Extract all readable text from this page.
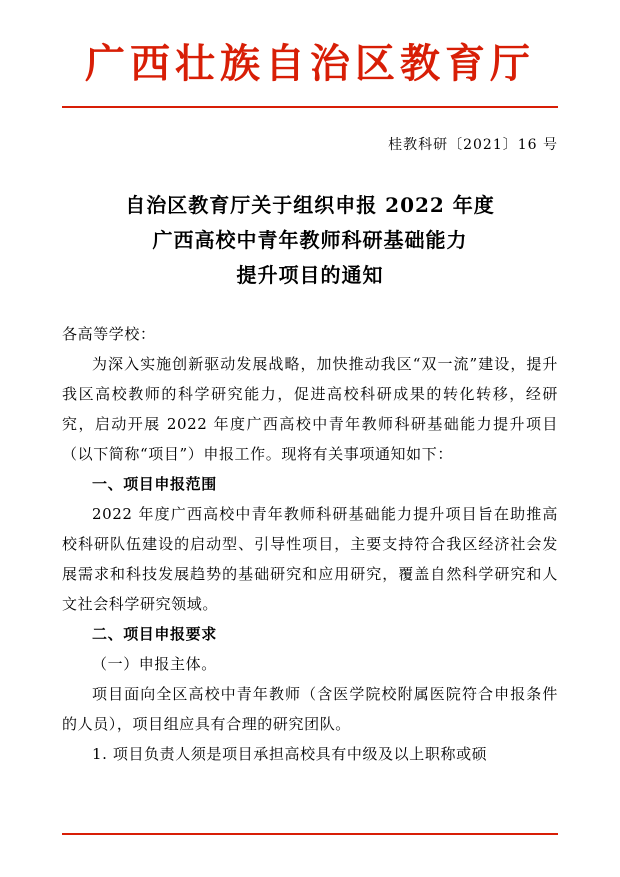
广西壮族自治区教育厅
桂教科研〔2021〕16 号
自治区教育厅关于组织申报 2022 年度
广西高校中青年教师科研基础能力
提升项目的通知

各高等学校：

为深入实施创新驱动发展战略，加快推动我区“双一流”建设，提升我区高校教师的科学研究能力，促进高校科研成果的转化转移，经研究，启动开展 2022 年度广西高校中青年教师科研基础能力提升项目（以下简称“项目”）申报工作。现将有关事项通知如下：

一、项目申报范围

2022 年度广西高校中青年教师科研基础能力提升项目旨在助推高校科研队伍建设的启动型、引导性项目，主要支持符合我区经济社会发展需求和科技发展趋势的基础研究和应用研究，覆盖自然科学研究和人文社会科学研究领域。

二、项目申报要求

（一）申报主体。

项目面向全区高校中青年教师（含医学院校附属医院符合申报条件的人员），项目组应具有合理的研究团队。

1. 项目负责人须是项目承担高校具有中级及以上职称或硕
